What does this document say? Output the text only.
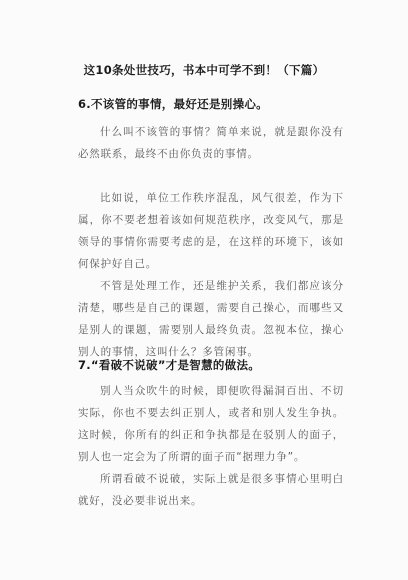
这10条处世技巧，书本中可学不到！（下篇）
6.不该管的事情，最好还是别操心。

什么叫不该管的事情？简单来说，就是跟你没有必然联系，最终不由你负责的事情。

比如说，单位工作秩序混乱，风气很差，作为下属，你不要老想着该如何规范秩序，改变风气，那是领导的事情你需要考虑的是，在这样的环境下，该如何保护好自己。

不管是处理工作，还是维护关系，我们都应该分清楚，哪些是自己的课题，需要自己操心，而哪些又是别人的课题，需要别人最终负责。忽视本位，操心别人的事情，这叫什么？多管闲事。

7.“看破不说破”才是智慧的做法。

别人当众吹牛的时候，即便吹得漏洞百出、不切实际，你也不要去纠正别人，或者和别人发生争执。这时候，你所有的纠正和争执都是在驳别人的面子，别人也一定会为了所谓的面子而“据理力争”。

所谓看破不说破，实际上就是很多事情心里明白就好，没必要非说出来。
